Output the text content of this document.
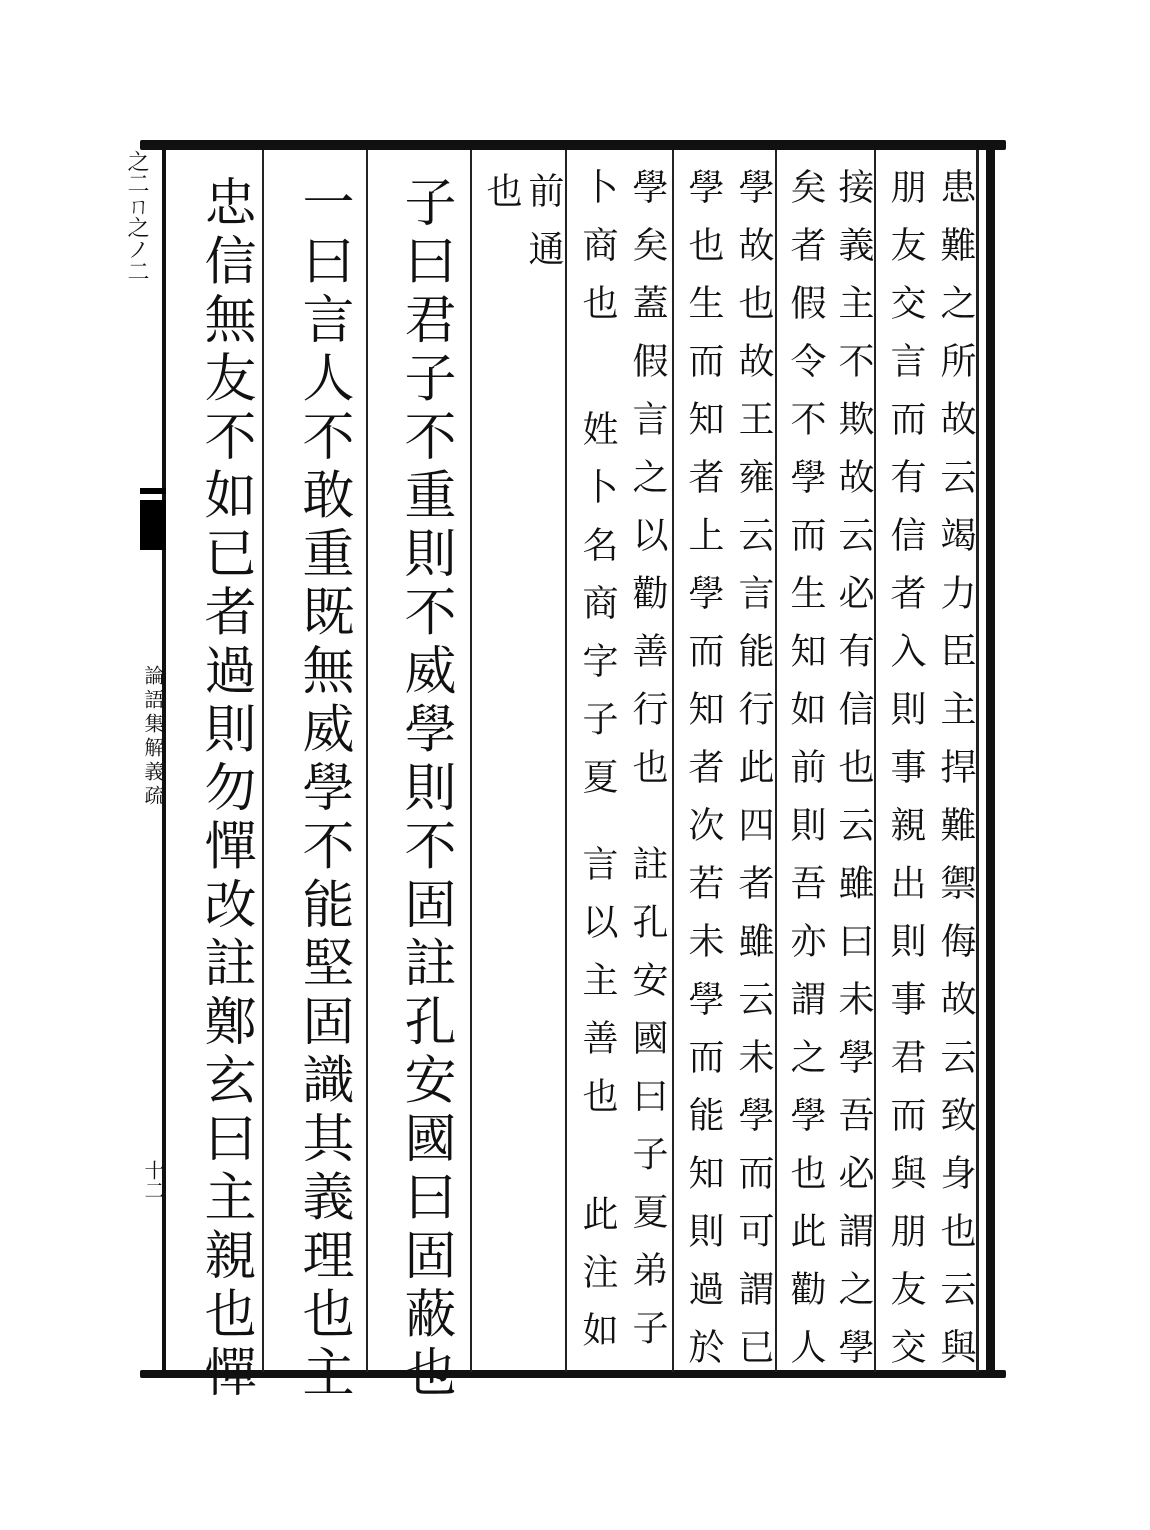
之二ㄇ之ノ二
論語集解義疏
十二	患難之所故云竭力臣主捍難禦侮故云致身也云與
朋友交言而有信者入則事親出則事君而與朋友交
接義主不欺故云必有信也云雖曰未學吾必謂之學
矣者假令不學而生知如前則吾亦謂之學也此勸人
學故也故王雍云言能行此四者雖云未學而可謂已
學也生而知者上學而知者次若未學而能知則過於
學矣蓋假言之以勸善行也
卜商也
姓卜名商字子夏
註孔安國曰子夏弟子
言以主善也
此注如
前通
也
子曰君子不重則不威學則不固註孔安國曰固蔽也
一曰言人不敢重既無威學不能堅固識其義理也主
忠信無友不如已者過則勿憚改註鄭玄曰主親也憚
